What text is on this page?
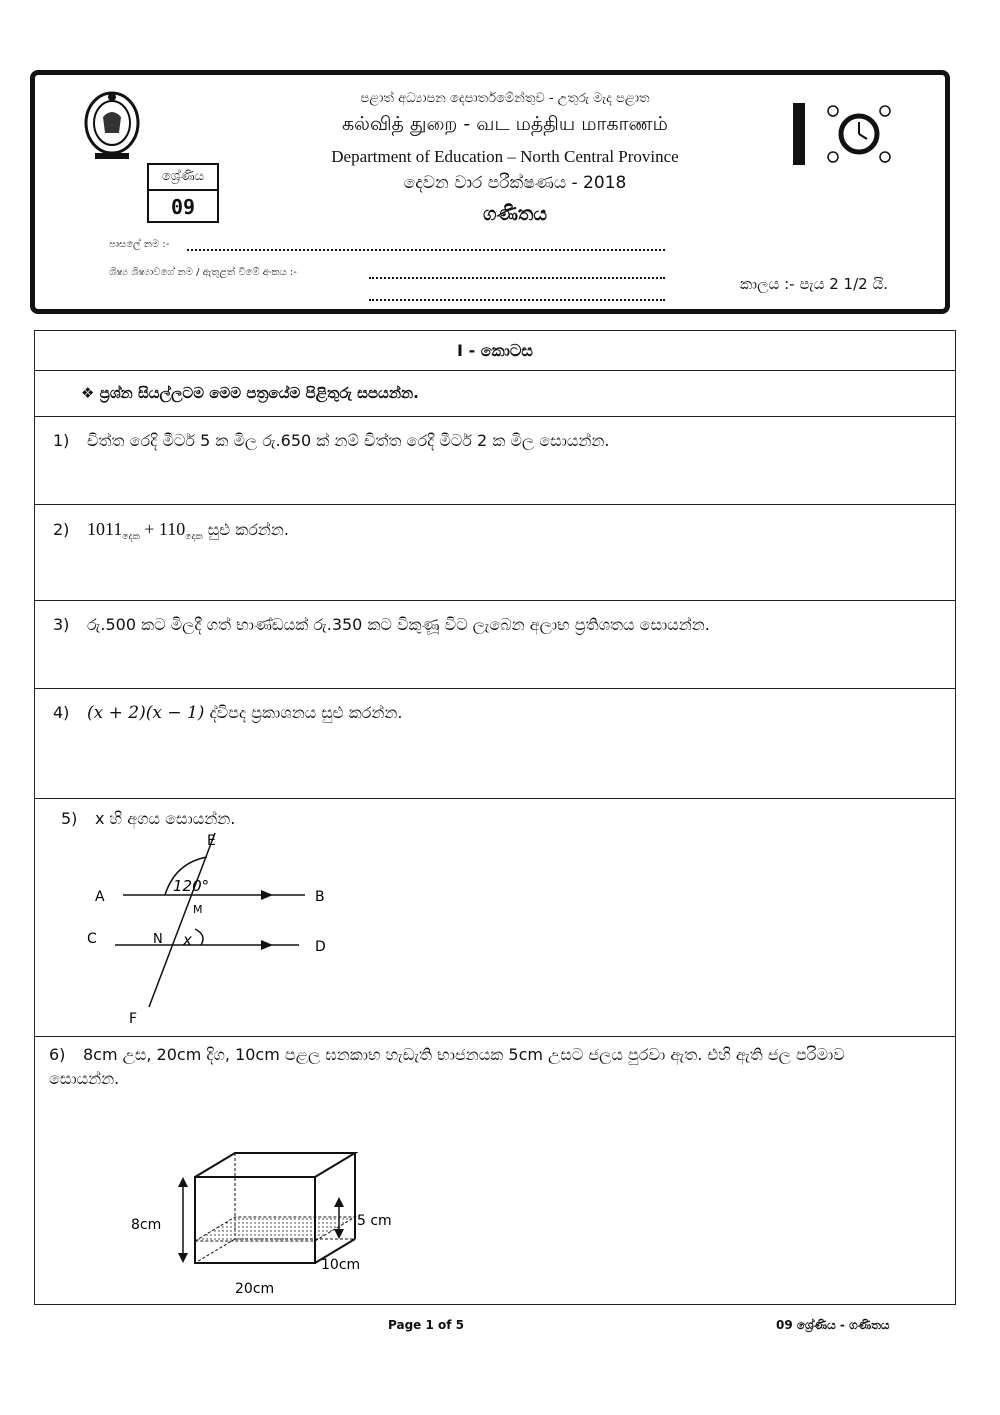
පළාත් අධ්‍යාපන දෙපාර්තමේන්තුව - උතුරු මැද පළාත
கல்வித் துறை - வட மத்திய மாகாணம்
Department of Education – North Central Province
දෙවන වාර පරීක්ෂණය - 2018
ගණිතය
ශ්‍රේණිය
09
පාසලේ නම :-
ශිෂ්‍ය ශිෂ්‍යාවගේ නම / ඇතුළත් වීමේ අංකය :-
කාලය :- පැය 2 1/2 යි.
I - කොටස
❖ ප්‍රශ්න සියල්ලටම මෙම පත්‍රයේම පිළිතුරු සපයන්න.
1) චිත්ත රෙදි මීටර් 5 ක මිල රු.650 ක් නම් චිත්ත රෙදි මීටර් 2 ක මිල සොයන්න.
2) $1011_{දෙක} + 110_{දෙක}$ සුළු කරන්න.
3) රු.500 කට මිලදී ගත් භාණ්ඩයක් රු.350 කට විකුණූ විට ලැබෙන අලාභ ප්‍රතිශතය සොයන්න.
4) (x + 2)(x − 1) ද්විපද ප්‍රකාශනය සුළු කරන්න.
5) x හි අගය සොයන්න.
A	B
C	D
E
F
M
N
120°
x
6) 8cm උස, 20cm දිග, 10cm පළල ඝනකාභ හැඩැති භාජනයක 5cm උසට ජලය පුරවා ඇත. එහි ඇති ජල පරිමාව සොයන්න.
8cm	5 cm
10cm
20cm
Page 1 of 5	09 ශ්‍රේණිය - ගණිතය
